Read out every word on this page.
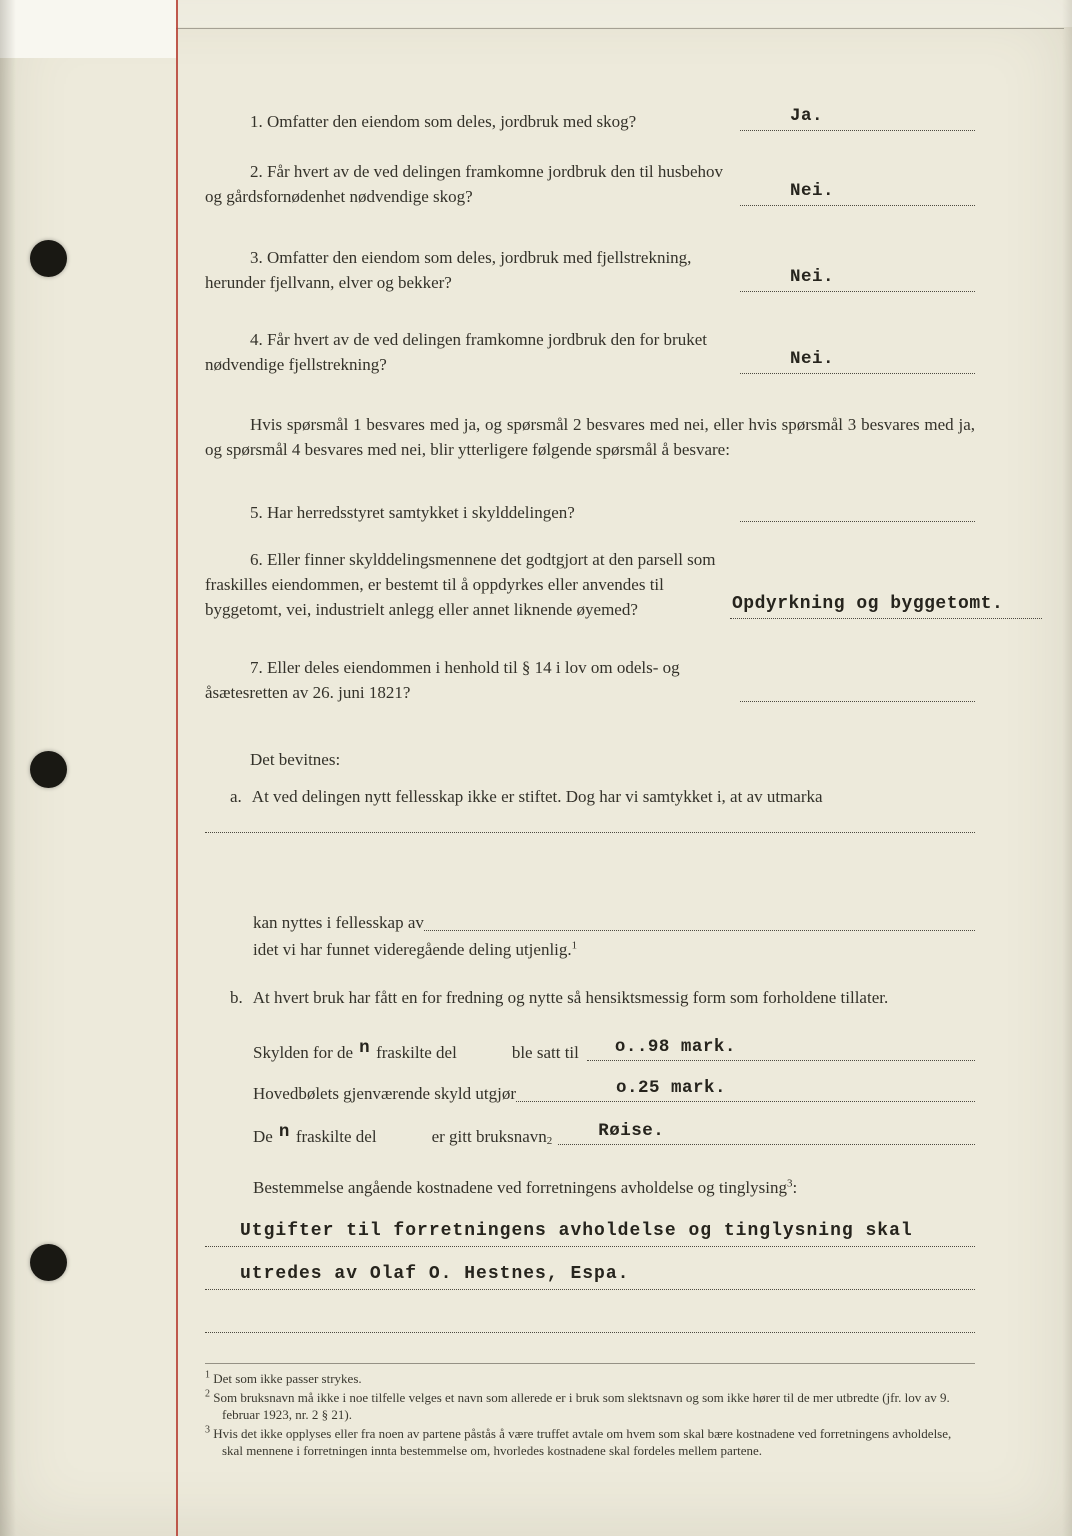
1. Omfatter den eiendom som deles, jordbruk med skog?	Ja.
2. Får hvert av de ved delingen framkomne jordbruk den til husbehov og gårdsfornødenhet nødvendige skog?	Nei.
3. Omfatter den eiendom som deles, jordbruk med fjellstrekning, herunder fjellvann, elver og bekker?	Nei.
4. Får hvert av de ved delingen framkomne jordbruk den for bruket nødvendige fjellstrekning?	Nei.
Hvis spørsmål 1 besvares med ja, og spørsmål 2 besvares med nei, eller hvis spørsmål 3 besvares med ja, og spørsmål 4 besvares med nei, blir ytterligere følgende spørsmål å besvare:
5. Har herredsstyret samtykket i skylddelingen?
6. Eller finner skylddelingsmennene det godtgjort at den parsell som fraskilles eiendommen, er bestemt til å oppdyrkes eller anvendes til byggetomt, vei, industrielt anlegg eller annet liknende øyemed?	Opdyrkning og byggetomt.
7. Eller deles eiendommen i henhold til § 14 i lov om odels- og åsætesretten av 26. juni 1821?
Det bevitnes:
a. At ved delingen nytt fellesskap ikke er stiftet. Dog har vi samtykket i, at av utmarka
kan nyttes i fellesskap av
idet vi har funnet videregående deling utjenlig.$^1$
b. At hvert bruk har fått en for fredning og nytte så hensiktsmessig form som forholdene tillater.
Skylden for de n fraskilte del	ble satt til o..98 mark.
Hovedbølets gjenværende skyld utgjør	o.25 mark.
De n fraskilte del	er gitt bruksnavn 2	Røise.
Bestemmelse angående kostnadene ved forretningens avholdelse og tinglysing$^3$:
Utgifter til forretningens avholdelse og tinglysning skal
utredes av Olaf O. Hestnes, Espa.
$^1$ Det som ikke passer strykes.
$^2$ Som bruksnavn må ikke i noe tilfelle velges et navn som allerede er i bruk som slektsnavn og som ikke hører til de mer utbredte (jfr. lov av 9. februar 1923, nr. 2 § 21).
$^3$ Hvis det ikke opplyses eller fra noen av partene påstås å være truffet avtale om hvem som skal bære kostnadene ved forretningens avholdelse, skal mennene i forretningen innta bestemmelse om, hvorledes kostnadene skal fordeles mellem partene.
